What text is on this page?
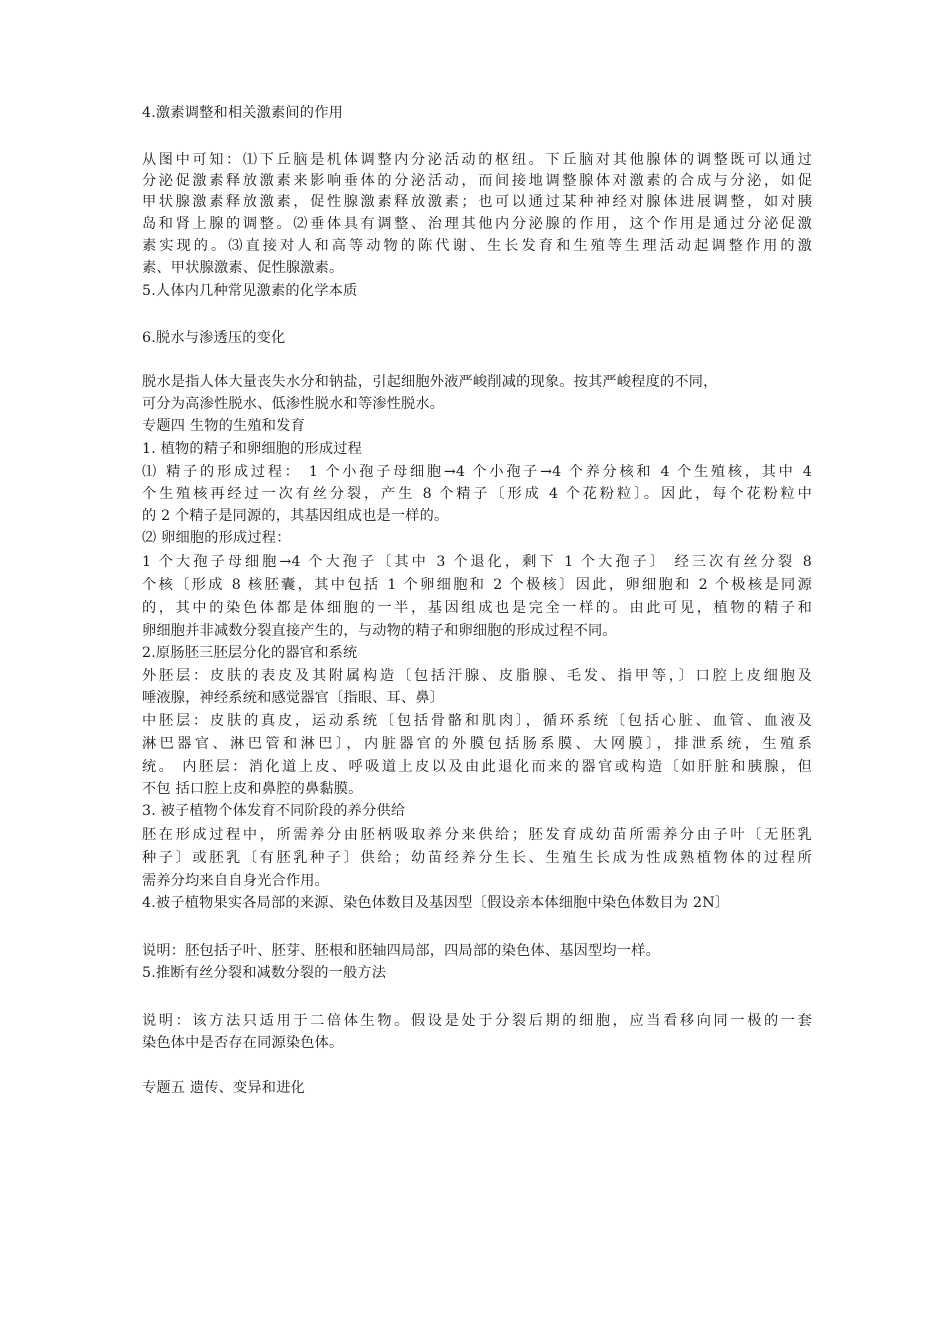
4.激素调整和相关激素间的作用
从图中可知：⑴下丘脑是机体调整内分泌活动的枢纽。下丘脑对其他腺体的调整既可以通过
分泌促激素释放激素来影响垂体的分泌活动，而间接地调整腺体对激素的合成与分泌，如促
甲状腺激素释放激素，促性腺激素释放激素；也可以通过某种神经对腺体进展调整，如对胰
岛和肾上腺的调整。⑵垂体具有调整、治理其他内分泌腺的作用，这个作用是通过分泌促激
素实现的。⑶直接对人和高等动物的陈代谢、生长发育和生殖等生理活动起调整作用的激
素、甲状腺激素、促性腺激素。
5.人体内几种常见激素的化学本质
6.脱水与渗透压的变化
脱水是指人体大量丧失水分和钠盐，引起细胞外液严峻削减的现象。按其严峻程度的不同，
可分为高渗性脱水、低渗性脱水和等渗性脱水。
专题四 生物的生殖和发育
1. 植物的精子和卵细胞的形成过程
⑴ 精子的形成过程： 1 个小孢子母细胞→4 个小孢子→4 个养分核和 4 个生殖核，其中 4
个生殖核再经过一次有丝分裂，产生 8 个精子〔形成 4 个花粉粒〕。因此，每个花粉粒中
的 2 个精子是同源的，其基因组成也是一样的。
⑵ 卵细胞的形成过程：
1 个大孢子母细胞→4 个大孢子〔其中 3 个退化，剩下 1 个大孢子〕 经三次有丝分裂 8
个核〔形成 8 核胚囊，其中包括 1 个卵细胞和 2 个极核〕因此，卵细胞和 2 个极核是同源
的，其中的染色体都是体细胞的一半，基因组成也是完全一样的。由此可见，植物的精子和
卵细胞并非减数分裂直接产生的，与动物的精子和卵细胞的形成过程不同。
2.原肠胚三胚层分化的器官和系统
外胚层：皮肤的表皮及其附属构造〔包括汗腺、皮脂腺、毛发、指甲等，〕口腔上皮细胞及
唾液腺，神经系统和感觉器官〔指眼、耳、鼻〕
中胚层：皮肤的真皮，运动系统〔包括骨骼和肌肉〕，循环系统〔包括心脏、血管、血液及
淋巴器官、淋巴管和淋巴〕，内脏器官的外膜包括肠系膜、大网膜〕，排泄系统，生殖系
统。 内胚层：消化道上皮、呼吸道上皮以及由此退化而来的器官或构造〔如肝脏和胰腺，但
不包 括口腔上皮和鼻腔的鼻黏膜。
3. 被子植物个体发育不同阶段的养分供给
胚在形成过程中，所需养分由胚柄吸取养分来供给；胚发育成幼苗所需养分由子叶〔无胚乳
种子〕或胚乳〔有胚乳种子〕供给；幼苗经养分生长、生殖生长成为性成熟植物体的过程所
需养分均来自自身光合作用。
4.被子植物果实各局部的来源、染色体数目及基因型〔假设亲本体细胞中染色体数目为 2N〕
说明：胚包括子叶、胚芽、胚根和胚轴四局部，四局部的染色体、基因型均一样。
5.推断有丝分裂和减数分裂的一般方法
说明：该方法只适用于二倍体生物。假设是处于分裂后期的细胞，应当看移向同一极的一套
染色体中是否存在同源染色体。
专题五 遗传、变异和进化
